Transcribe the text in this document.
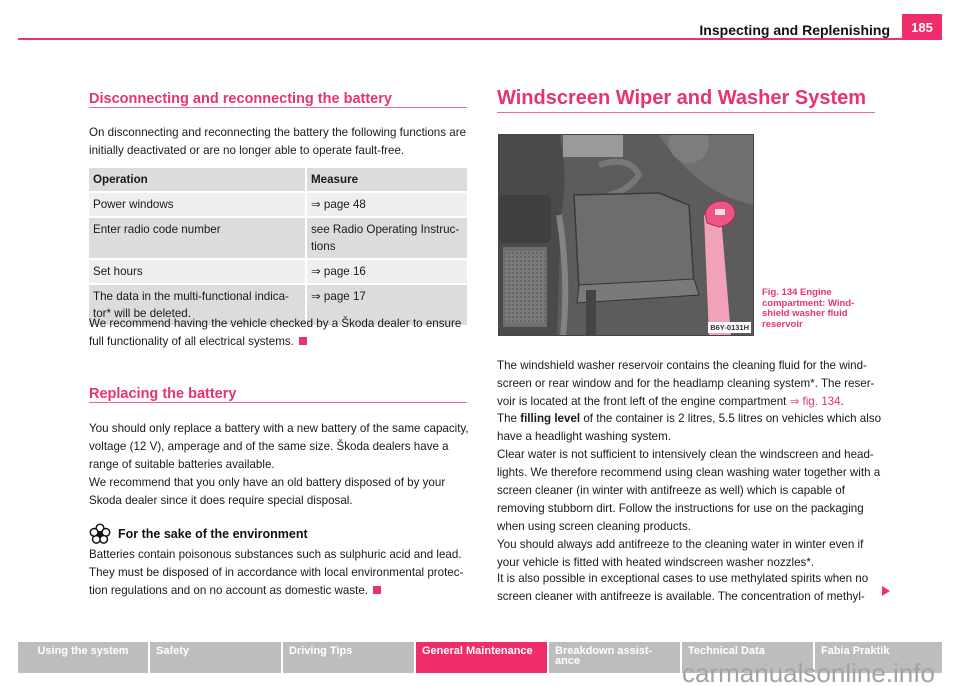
Inspecting and Replenishing	185
Disconnecting and reconnecting the battery
On disconnecting and reconnecting the battery the following functions are initially deactivated or are no longer able to operate fault-free.
Operation	Measure
Power windows	⇒ page 48
Enter radio code number	see Radio Operating Instruc-tions
Set hours	⇒ page 16
The data in the multi-functional indica-tor* will be deleted.	⇒ page 17
We recommend having the vehicle checked by a Škoda dealer to ensure full functionality of all electrical systems.
Replacing the battery
You should only replace a battery with a new battery of the same capacity, voltage (12 V), amperage and of the same size. Škoda dealers have a range of suitable batteries available.
We recommend that you only have an old battery disposed of by your Skoda dealer since it does require special disposal.
For the sake of the environment
Batteries contain poisonous substances such as sulphuric acid and lead. They must be disposed of in accordance with local environmental protec-tion regulations and on no account as domestic waste.
Windscreen Wiper and Washer System
B6Y-0131H
Fig. 134 Engine compartment: Wind-shield washer fluid reservoir
The windshield washer reservoir contains the cleaning fluid for the wind-screen or rear window and for the headlamp cleaning system*. The reser-voir is located at the front left of the engine compartment ⇒ fig. 134.
The filling level of the container is 2 litres, 5.5 litres on vehicles which also have a headlight washing system.
Clear water is not sufficient to intensively clean the windscreen and head-lights. We therefore recommend using clean washing water together with a screen cleaner (in winter with antifreeze as well) which is capable of removing stubborn dirt. Follow the instructions for use on the packaging when using screen cleaning products.
You should always add antifreeze to the cleaning water in winter even if your vehicle is fitted with heated windscreen washer nozzles*.
It is also possible in exceptional cases to use methylated spirits when no screen cleaner with antifreeze is available. The concentration of methyl-
Using the system	Safety	Driving Tips	General Maintenance	Breakdown assist-ance
Technical Data	Fabia Praktik
carmanualsonline.info
